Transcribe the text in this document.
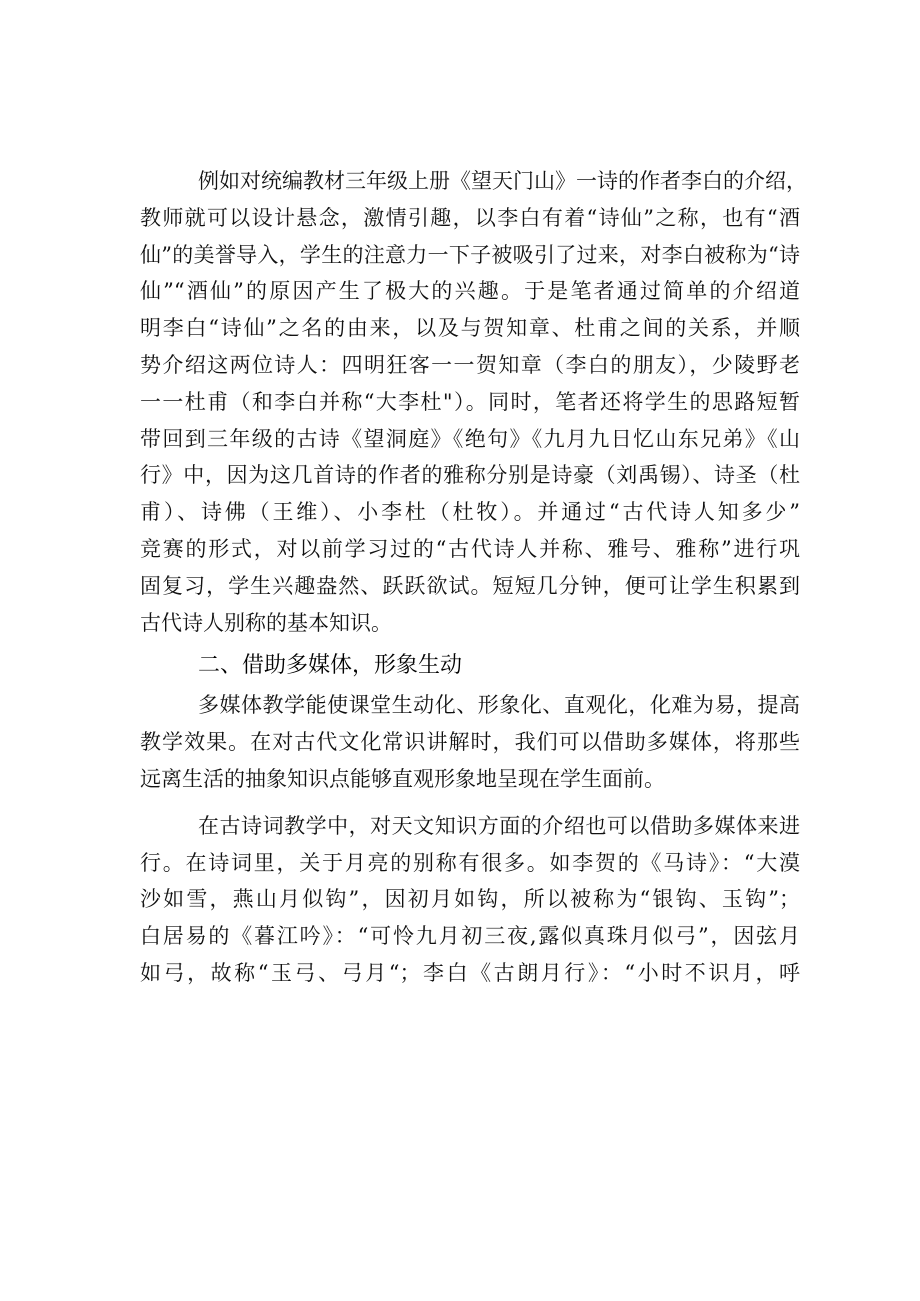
例如对统编教材三年级上册《望天门山》一诗的作者李白的介绍，
教师就可以设计悬念，激情引趣，以李白有着“诗仙”之称，也有“酒
仙”的美誉导入，学生的注意力一下子被吸引了过来，对李白被称为“诗
仙”“酒仙”的原因产生了极大的兴趣。于是笔者通过简单的介绍道
明李白“诗仙”之名的由来，以及与贺知章、杜甫之间的关系，并顺
势介绍这两位诗人：四明狂客一一贺知章（李白的朋友），少陵野老
一一杜甫（和李白并称“大李杜"）。同时，笔者还将学生的思路短暂
带回到三年级的古诗《望洞庭》《绝句》《九月九日忆山东兄弟》《山
行》中，因为这几首诗的作者的雅称分别是诗豪（刘禹锡）、诗圣（杜
甫）、诗佛（王维）、小李杜（杜牧）。并通过“古代诗人知多少”
竞赛的形式，对以前学习过的“古代诗人并称、雅号、雅称”进行巩
固复习，学生兴趣盎然、跃跃欲试。短短几分钟，便可让学生积累到
古代诗人别称的基本知识。
二、借助多媒体，形象生动
多媒体教学能使课堂生动化、形象化、直观化，化难为易，提高
教学效果。在对古代文化常识讲解时，我们可以借助多媒体，将那些
远离生活的抽象知识点能够直观形象地呈现在学生面前。
在古诗词教学中，对天文知识方面的介绍也可以借助多媒体来进
行。在诗词里，关于月亮的别称有很多。如李贺的《马诗》：“大漠
沙如雪，燕山月似钩”，因初月如钩，所以被称为“银钩、玉钩”；
白居易的《暮江吟》：“可怜九月初三夜,露似真珠月似弓”，因弦月
如弓，故称“玉弓、弓月“；李白《古朗月行》：“小时不识月，呼
